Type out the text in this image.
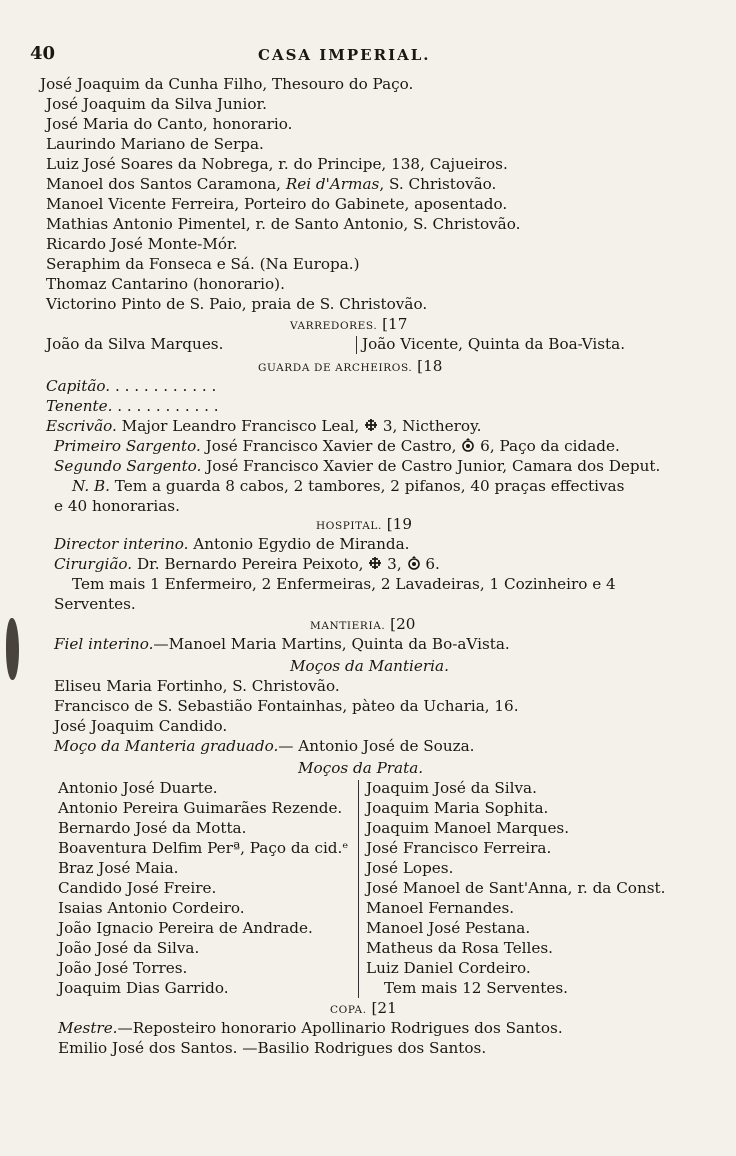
40	CASA IMPERIAL.
José Joaquim da Cunha Filho, Thesouro do Paço.
José Joaquim da Silva Junior.
José Maria do Canto, honorario.
Laurindo Mariano de Serpa.
Luiz José Soares da Nobrega, r. do Principe, 138, Cajueiros.
Manoel dos Santos Caramona, Rei d'Armas, S. Christovão.
Manoel Vicente Ferreira, Porteiro do Gabinete, aposentado.
Mathias Antonio Pimentel, r. de Santo Antonio, S. Christovão.
Ricardo José Monte-Mór.
Seraphim da Fonseca e Sá. (Na Europa.)
Thomaz Cantarino (honorario).
Victorino Pinto de S. Paio, praia de S. Christovão.
VARREDORES. [17
João da Silva Marques.	João Vicente, Quinta da Boa-Vista.
GUARDA DE ARCHEIROS. [18
Capitão. . . . . . . . . . . .
Tenente. . . . . . . . . . . .
Escrivão. Major Leandro Francisco Leal,  3, Nictheroy.
Primeiro Sargento. José Francisco Xavier de Castro,  6, Paço da cidade.
Segundo Sargento. José Francisco Xavier de Castro Junior, Camara dos Deput.
N. B. Tem a guarda 8 cabos, 2 tambores, 2 pifanos, 40 praças effectivas
e 40 honorarias.
HOSPITAL. [19
Director interino. Antonio Egydio de Miranda.
Cirurgião. Dr. Bernardo Pereira Peixoto,  3,  6.
Tem mais 1 Enfermeiro, 2 Enfermeiras, 2 Lavadeiras, 1 Cozinheiro e 4
Serventes.
MANTIERIA. [20
Fiel interino.—Manoel Maria Martins, Quinta da Bo-aVista.
Moços da Mantieria.
Eliseu Maria Fortinho, S. Christovão.
Francisco de S. Sebastião Fontainhas, pàteo da Ucharia, 16.
José Joaquim Candido.
Moço da Manteria graduado.— Antonio José de Souza.
Moços da Prata.
Antonio José Duarte.
Antonio Pereira Guimarães Rezende.
Bernardo José da Motta.
Boaventura Delfim Perª, Paço da cid.ᵉ
Braz José Maia.
Candido José Freire.
Isaias Antonio Cordeiro.
João Ignacio Pereira de Andrade.
João José da Silva.
João José Torres.
Joaquim Dias Garrido.
Joaquim José da Silva.
Joaquim Maria Sophita.
Joaquim Manoel Marques.
José Francisco Ferreira.
José Lopes.
José Manoel de Sant'Anna, r. da Const.
Manoel Fernandes.
Manoel José Pestana.
Matheus da Rosa Telles.
Luiz Daniel Cordeiro.
Tem mais 12 Serventes.
COPA. [21
Mestre.—Reposteiro honorario Apollinario Rodrigues dos Santos.
Emilio José dos Santos. —Basilio Rodrigues dos Santos.
